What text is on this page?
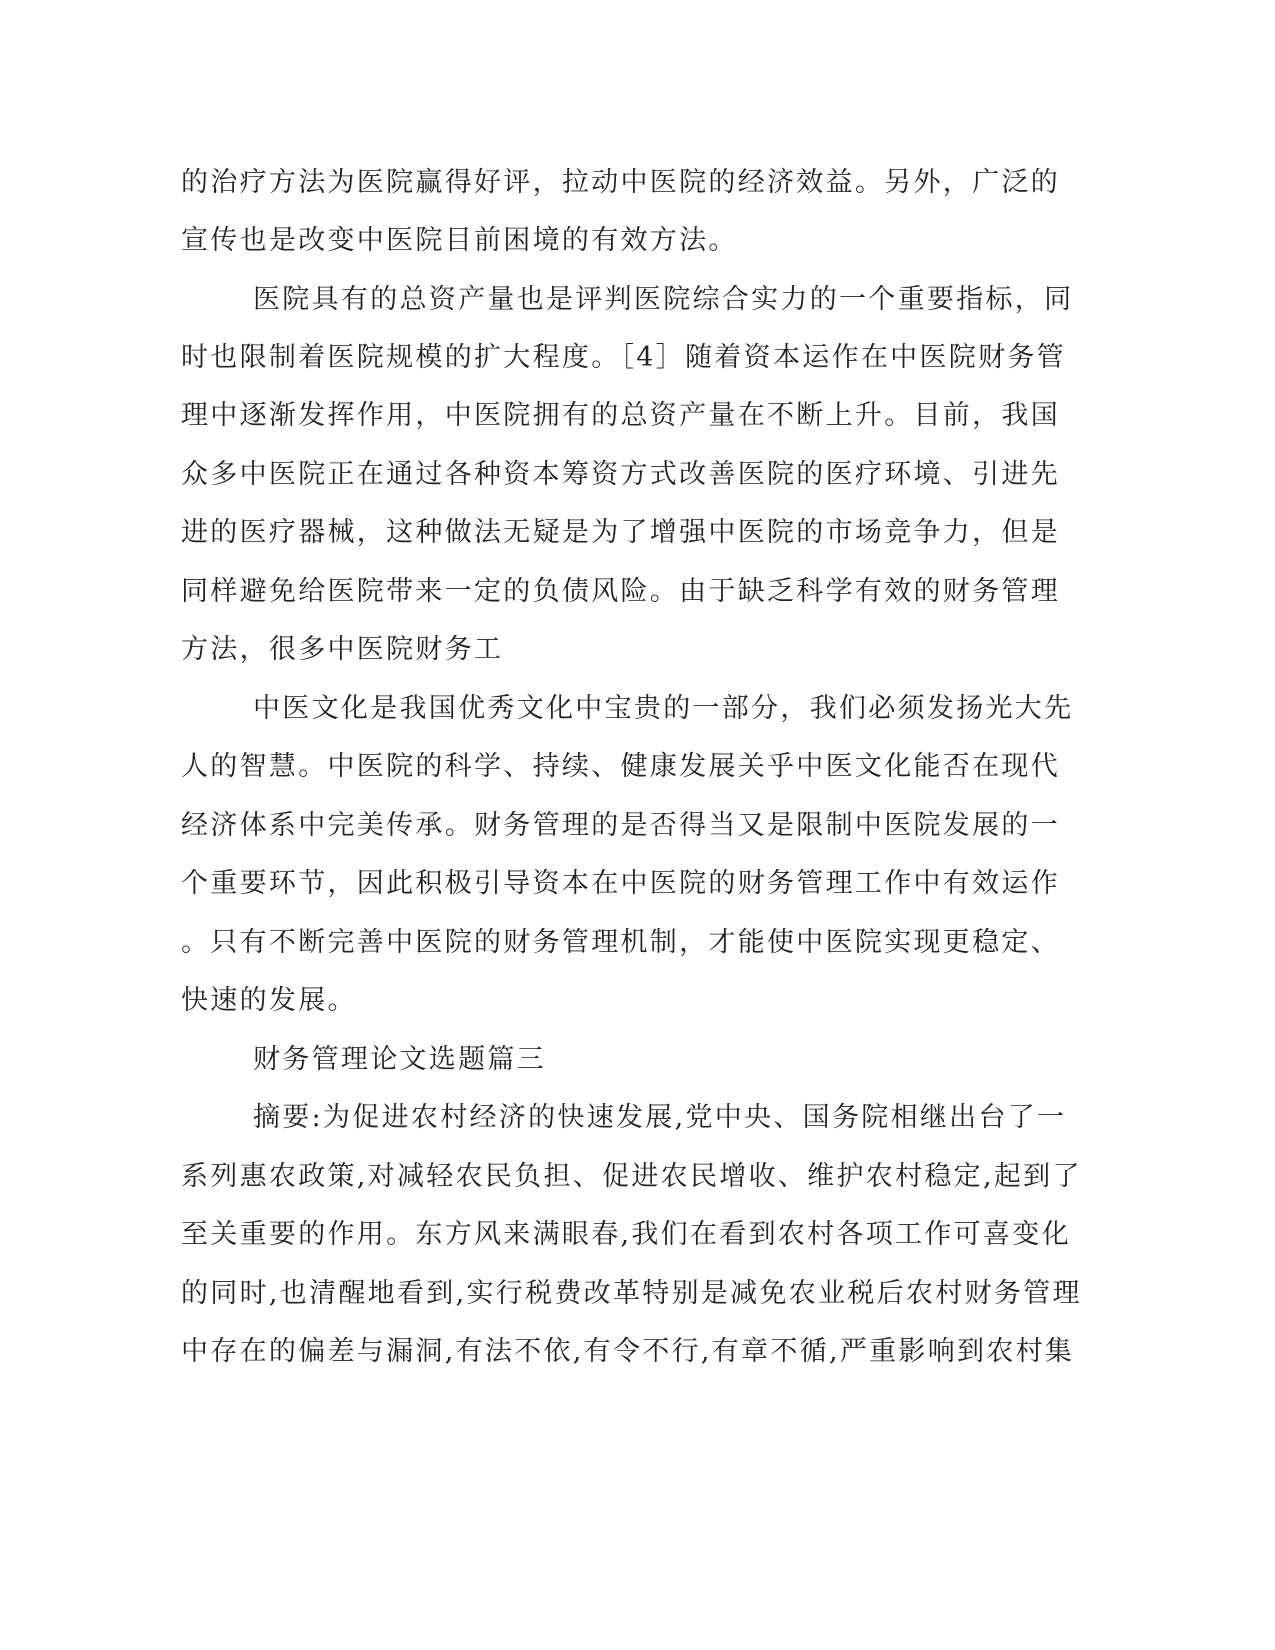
的治疗方法为医院赢得好评，拉动中医院的经济效益。另外，广泛的
宣传也是改变中医院目前困境的有效方法。
医院具有的总资产量也是评判医院综合实力的一个重要指标，同
时也限制着医院规模的扩大程度。［4］随着资本运作在中医院财务管
理中逐渐发挥作用，中医院拥有的总资产量在不断上升。目前，我国
众多中医院正在通过各种资本筹资方式改善医院的医疗环境、引进先
进的医疗器械，这种做法无疑是为了增强中医院的市场竞争力，但是
同样避免给医院带来一定的负债风险。由于缺乏科学有效的财务管理
方法，很多中医院财务工
中医文化是我国优秀文化中宝贵的一部分，我们必须发扬光大先
人的智慧。中医院的科学、持续、健康发展关乎中医文化能否在现代
经济体系中完美传承。财务管理的是否得当又是限制中医院发展的一
个重要环节，因此积极引导资本在中医院的财务管理工作中有效运作
。只有不断完善中医院的财务管理机制，才能使中医院实现更稳定、
快速的发展。
财务管理论文选题篇三
摘要:为促进农村经济的快速发展,党中央、国务院相继出台了一
系列惠农政策,对减轻农民负担、促进农民增收、维护农村稳定,起到了
至关重要的作用。东方风来满眼春,我们在看到农村各项工作可喜变化
的同时,也清醒地看到,实行税费改革特别是减免农业税后农村财务管理
中存在的偏差与漏洞,有法不依,有令不行,有章不循,严重影响到农村集
